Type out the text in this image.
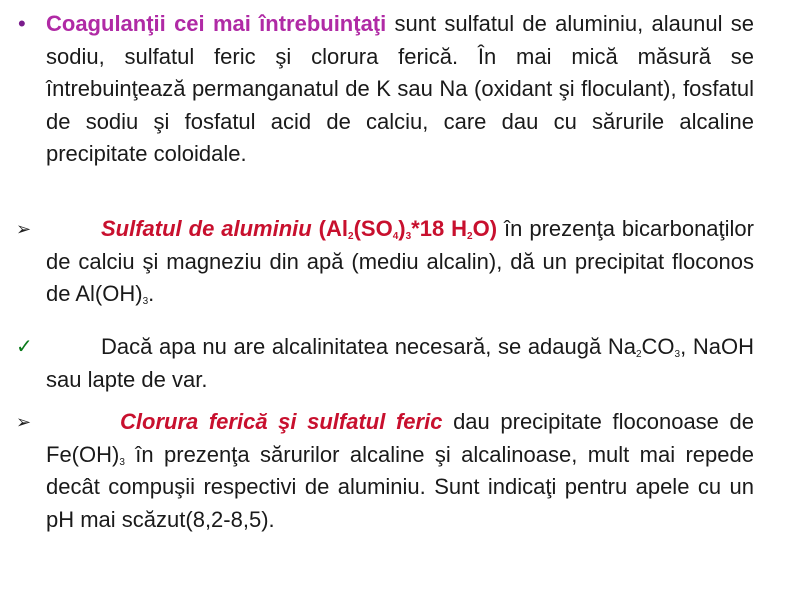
• Coagulanţii cei mai întrebuinţaţi sunt sulfatul de aluminiu, alaunul se sodiu, sulfatul feric şi clorura ferică. În mai mică măsură se întrebuinţează permanganatul de K sau Na (oxidant şi floculant), fosfatul de sodiu şi fosfatul acid de calciu, care dau cu sărurile alcaline precipitate coloidale.
➢	Sulfatul de aluminiu ($Al_2(SO_4)_3*18$ $H_2O$) în prezenţa bicarbonaţilor de calciu şi magneziu din apă (mediu alcalin), dă un precipitat floconos de $Al(OH)_3$.
✓	Dacă apa nu are alcalinitatea necesară, se adaugă $Na_2CO_3$, NaOH sau lapte de var.
➢	Clorura ferică şi sulfatul feric dau precipitate floconoase de $Fe(OH)_3$ în prezenţa sărurilor alcaline şi alcalinoase, mult mai repede decât compuşii respectivi de aluminiu. Sunt indicaţi pentru apele cu un pH mai scăzut(8,2-8,5).
